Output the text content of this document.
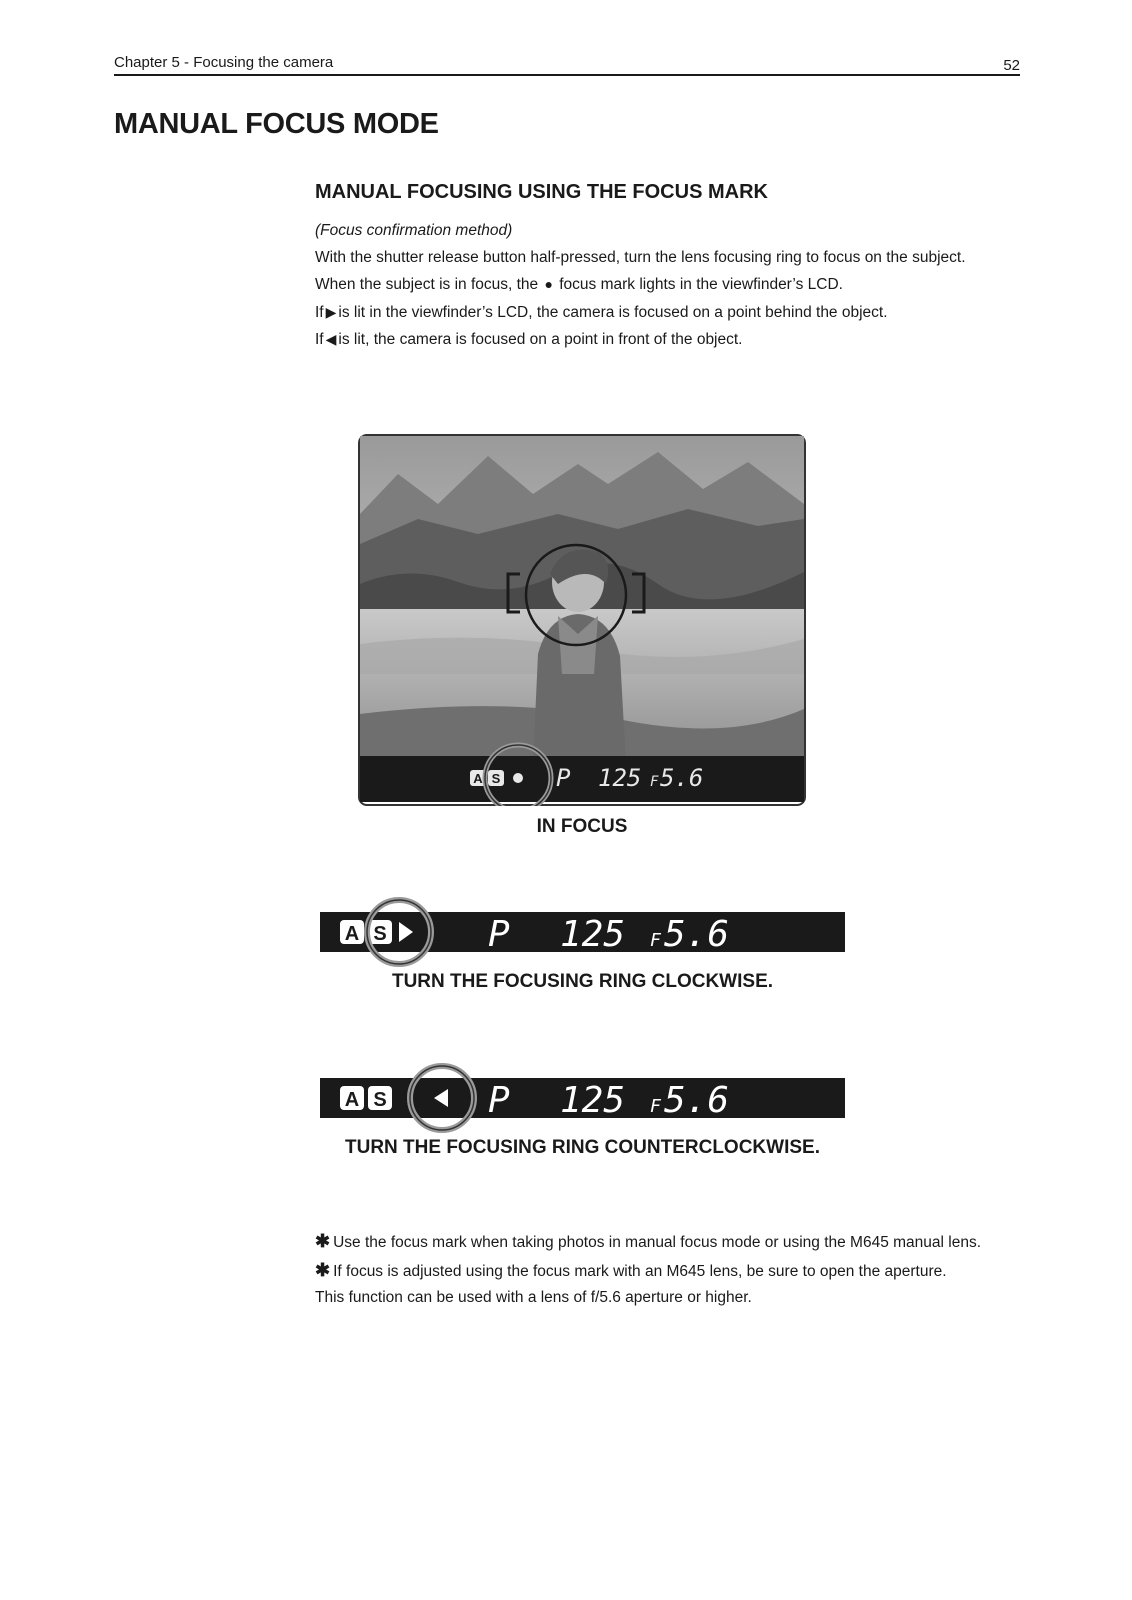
Chapter 5 - Focusing the camera	52
MANUAL FOCUS MODE
MANUAL FOCUSING USING THE FOCUS MARK

(Focus confirmation method)

With the shutter release button half-pressed, turn the lens focusing ring to focus on the subject.

When the subject is in focus, the ● focus mark lights in the viewfinder’s LCD.

If ▶ is lit in the viewfinder’s LCD, the camera is focused on a point behind the object.

If ◀ is lit, the camera is focused on a point in front of the object.

A S P 125 F 5.6
IN FOCUS
A S	P 125 F 5.6
TURN THE FOCUSING RING CLOCKWISE.
A S	P 125 F 5.6
TURN THE FOCUSING RING COUNTERCLOCKWISE.

✱ Use the focus mark when taking photos in manual focus mode or using the M645 manual lens.

✱ If focus is adjusted using the focus mark with an M645 lens, be sure to open the aperture.

This function can be used with a lens of f/5.6 aperture or higher.
